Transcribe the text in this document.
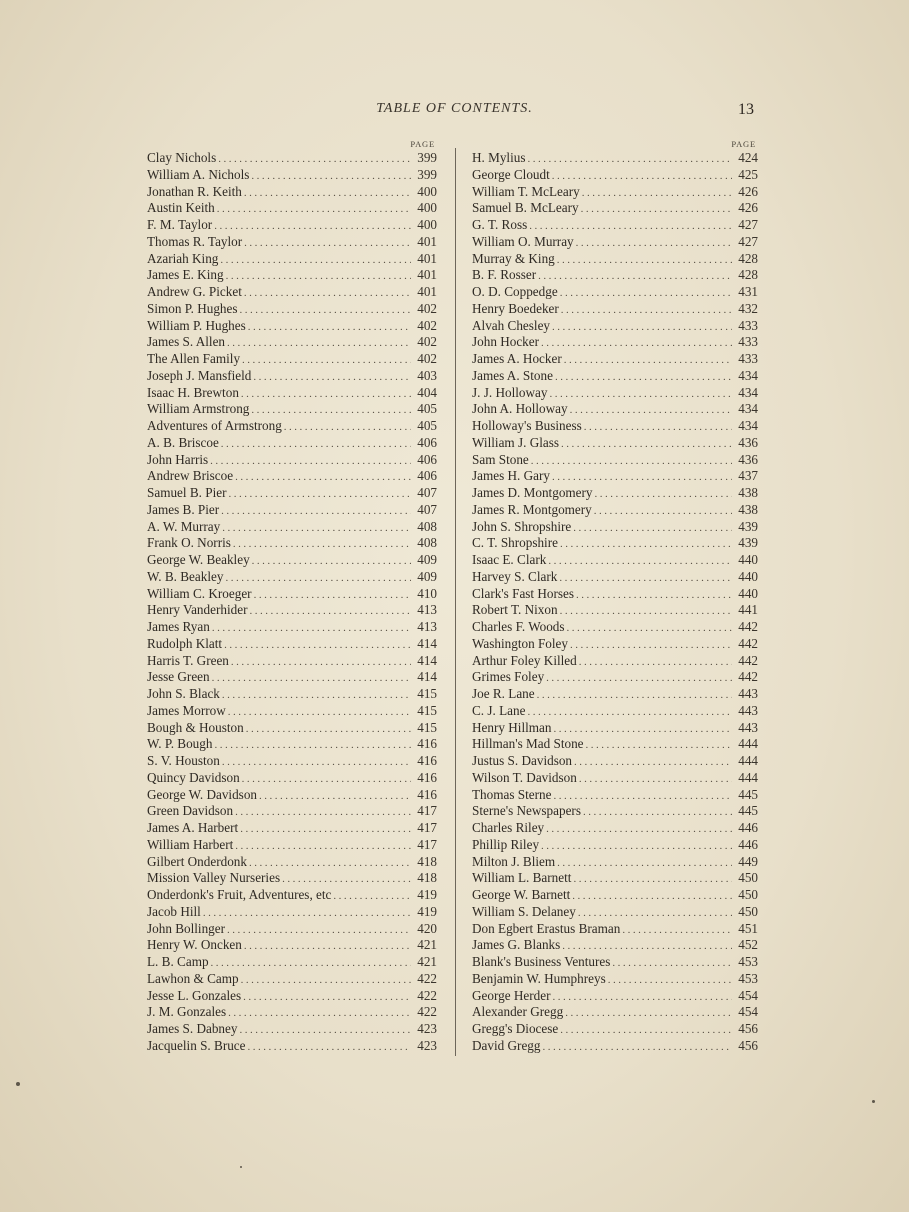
TABLE OF CONTENTS.	13
PAGE
Clay Nichols .....	399
William A. Nichols .....	399
Jonathan R. Keith .....	400
Austin Keith .....	400
F. M. Taylor .....	400
Thomas R. Taylor .....	401
Azariah King .....	401
James E. King .....	401
Andrew G. Picket .....	401
Simon P. Hughes .....	402
William P. Hughes .....	402
James S. Allen .....	402
The Allen Family .....	402
Joseph J. Mansfield .....	403
Isaac H. Brewton .....	404
William Armstrong .....	405
Adventures of Armstrong .....	405
A. B. Briscoe .....	406
John Harris .....	406
Andrew Briscoe .....	406
Samuel B. Pier .....	407
James B. Pier .....	407
A. W. Murray .....	408
Frank O. Norris .....	408
George W. Beakley .....	409
W. B. Beakley .....	409
William C. Kroeger .....	410
Henry Vanderhider .....	413
James Ryan .....	413
Rudolph Klatt .....	414
Harris T. Green .....	414
Jesse Green .....	414
John S. Black .....	415
James Morrow .....	415
Bough & Houston .....	415
W. P. Bough .....	416
S. V. Houston .....	416
Quincy Davidson .....	416
George W. Davidson .....	416
Green Davidson .....	417
James A. Harbert .....	417
William Harbert .....	417
Gilbert Onderdonk .....	418
Mission Valley Nurseries .....	418
Onderdonk's Fruit, Adventures, etc .....	419
Jacob Hill .....	419
John Bollinger .....	420
Henry W. Oncken .....	421
L. B. Camp .....	421
Lawhon & Camp .....	422
Jesse L. Gonzales .....	422
J. M. Gonzales .....	422
James S. Dabney .....	423
Jacquelin S. Bruce .....	423
PAGE
H. Mylius .....	424
George Cloudt .....	425
William T. McLeary .....	426
Samuel B. McLeary .....	426
G. T. Ross .....	427
William O. Murray .....	427
Murray & King .....	428
B. F. Rosser .....	428
O. D. Coppedge .....	431
Henry Boedeker .....	432
Alvah Chesley .....	433
John Hocker .....	433
James A. Hocker .....	433
James A. Stone .....	434
J. J. Holloway .....	434
John A. Holloway .....	434
Holloway's Business .....	434
William J. Glass .....	436
Sam Stone .....	436
James H. Gary .....	437
James D. Montgomery .....	438
James R. Montgomery .....	438
John S. Shropshire .....	439
C. T. Shropshire .....	439
Isaac E. Clark .....	440
Harvey S. Clark .....	440
Clark's Fast Horses .....	440
Robert T. Nixon .....	441
Charles F. Woods .....	442
Washington Foley .....	442
Arthur Foley Killed .....	442
Grimes Foley .....	442
Joe R. Lane .....	443
C. J. Lane .....	443
Henry Hillman .....	443
Hillman's Mad Stone .....	444
Justus S. Davidson .....	444
Wilson T. Davidson .....	444
Thomas Sterne .....	445
Sterne's Newspapers .....	445
Charles Riley .....	446
Phillip Riley .....	446
Milton J. Bliem .....	449
William L. Barnett .....	450
George W. Barnett .....	450
William S. Delaney .....	450
Don Egbert Erastus Braman .....	451
James G. Blanks .....	452
Blank's Business Ventures .....	453
Benjamin W. Humphreys .....	453
George Herder .....	454
Alexander Gregg .....	454
Gregg's Diocese .....	456
David Gregg .....	456
